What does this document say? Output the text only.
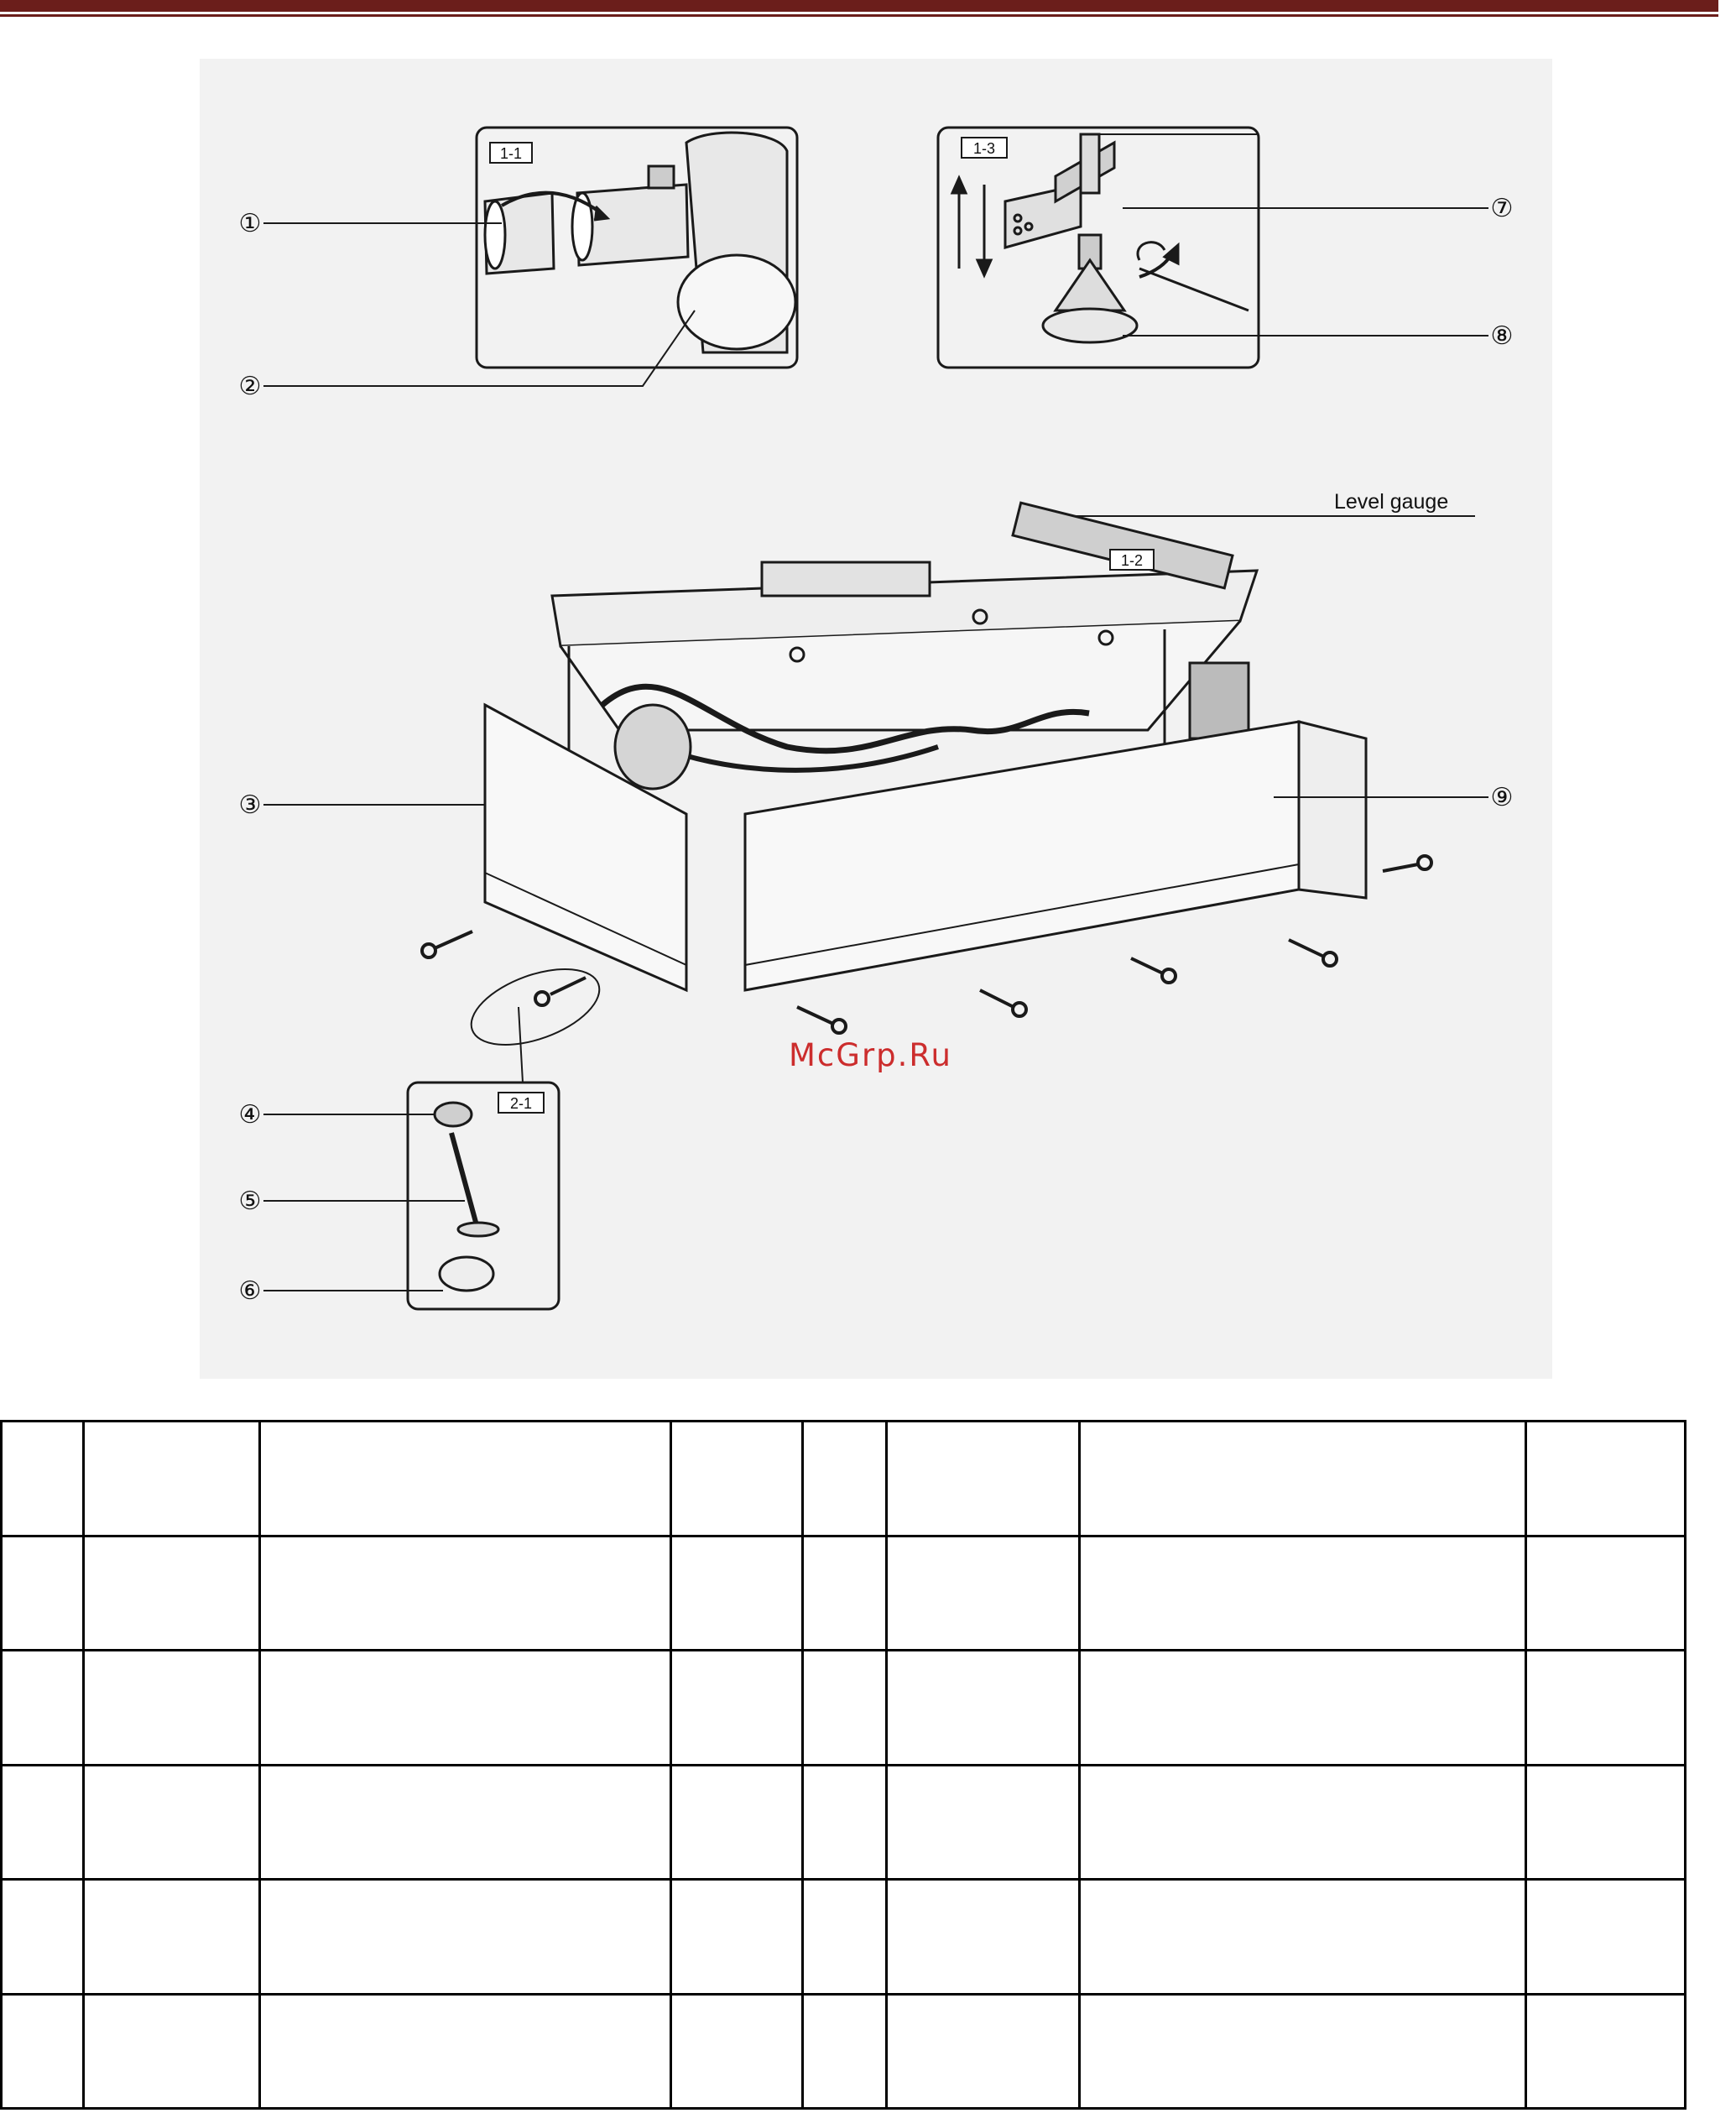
1-1	1-3
1-2
Level gauge
2-1
①
②
③
④
⑤
⑥
⑦
⑧
⑨
McGrp.Ru
